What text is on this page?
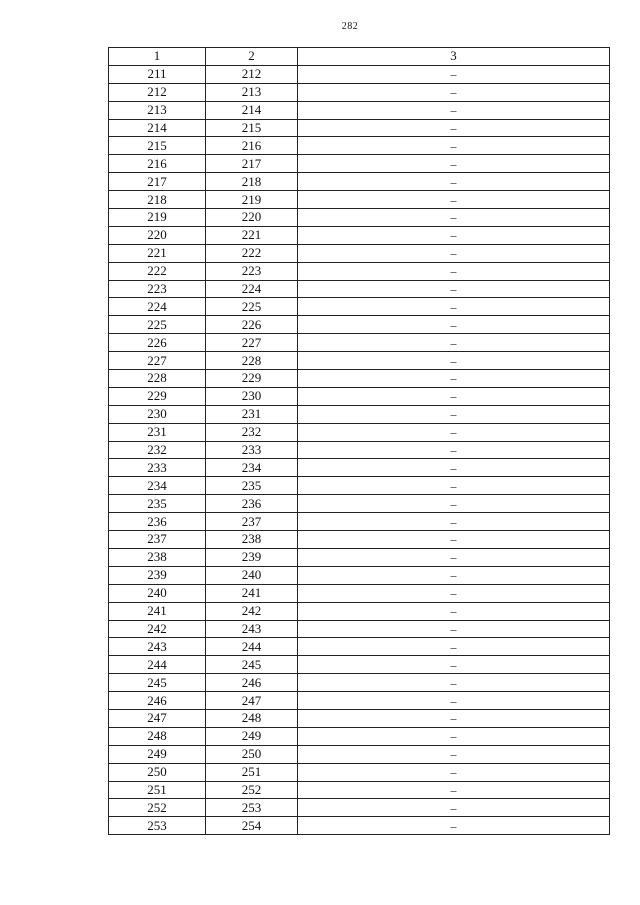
282
1	2	3
211	212	–
212	213	–
213	214	–
214	215	–
215	216	–
216	217	–
217	218	–
218	219	–
219	220	–
220	221	–
221	222	–
222	223	–
223	224	–
224	225	–
225	226	–
226	227	–
227	228	–
228	229	–
229	230	–
230	231	–
231	232	–
232	233	–
233	234	–
234	235	–
235	236	–
236	237	–
237	238	–
238	239	–
239	240	–
240	241	–
241	242	–
242	243	–
243	244	–
244	245	–
245	246	–
246	247	–
247	248	–
248	249	–
249	250	–
250	251	–
251	252	–
252	253	–
253	254	–
